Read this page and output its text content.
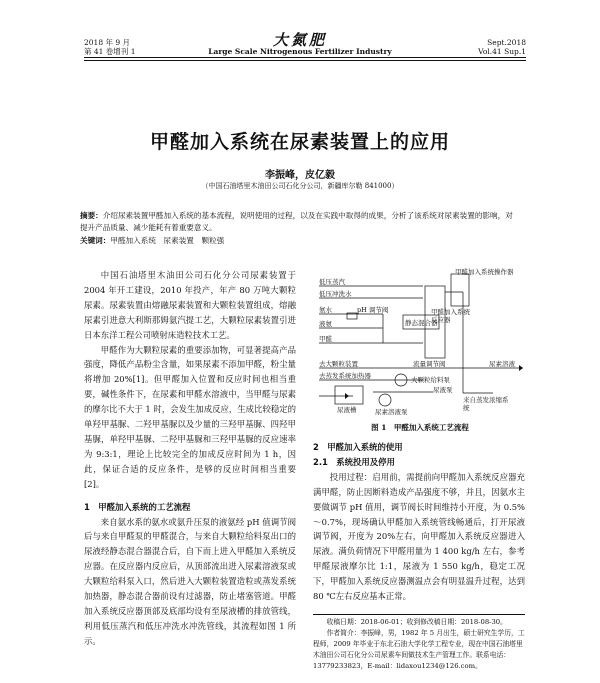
2018 年 9 月
第 41 卷增刊 1
大氮肥
Large Scale Nitrogenous Fertilizer Industry
Sept.2018
Vol.41 Sup.1
甲醛加入系统在尿素装置上的应用
李振峰，皮亿毅
（中国石油塔里木油田公司石化分公司，新疆库尔勒 841000）
摘要：介绍尿素装置甲醛加入系统的基本流程，说明使用的过程，以及在实践中取得的成果，分析了该系统对尿素装置的影响，对提升产品质量、减少能耗有着重要意义。
关键词：甲醛加入系统　尿素装置　颗粒强

中国石油塔里木油田公司石化分公司尿素装置于 2004 年开工建设，2010 年投产，年产 80 万吨大颗粒尿素。尿素装置由熔融尿素装置和大颗粒装置组成，熔融尿素引进意大利斯那姆氨汽提工艺，大颗粒尿素装置引进日本东洋工程公司喷射床造粒技术工艺。

甲醛作为大颗粒尿素的重要添加物，可显著提高产品强度，降低产品粉尘含量，如果尿素不添加甲醛，粉尘量将增加 20%[1]。但甲醛加入位置和反应时间也相当重要，碱性条件下，在尿素和甲醛水溶液中，当甲醛与尿素的摩尔比不大于 1 时，会发生加成反应，生成比较稳定的单羟甲基脲、二羟甲基脲以及少量的三羟甲基脲、四羟甲基脲，单羟甲基脲、二羟甲基脲和三羟甲基脲的反应速率为 9:3:1，理论上比较完全的加成反应时间为 1 h，因此，保证合适的反应条件，是够的反应时间相当重要[2]。

1　甲醛加入系统的工艺流程

来自氨水系的氨水或氨升压泵的液氨经 pH 值调节阀后与来自甲醛泵的甲醛混合，与来自大颗粒给料泵出口的尿液经静态混合器混合后，自下而上进入甲醛加入系统反应器。在反应器内反应后，从顶部流出进入尿素溶液泵或大颗粒给料泵入口，然后进入大颗粒装置造粒或蒸发系统加热器，静态混合器前设有过滤器，防止堵塞管道。甲醛加入系统反应器顶部及底部均设有至尿液槽的排放管线，利用低压蒸汽和低压冲洗水冲洗管线，其流程如图 1 所示。

甲醛加入系统操作器
低压蒸汽
低压冲洗水
氨水	pH 调节阀
液氨
甲醛
静态混合器
甲醛加入系统反应器
去大颗粒装置	流量调节阀	尿素溶液
去蒸发系统加热器	大颗粒给料泵
尿液槽	尿素溶液泵
来自蒸发浓缩系统
尿液泵
图 1　甲醛加入系统工艺流程
2　甲醛加入系统的使用
2.1　系统投用及停用

投用过程：启用前，需提前向甲醛加入系统反应器充满甲醛，防止因断料造成产品强度不够，并且，因氨水主要做调节 pH 值用，调节阀长时间维持小开度，为 0.5%～0.7%，现场确认甲醛加入系统管线畅通后，打开尿液调节阀，开度为 20%左右，向甲醛加入系统反应器进入尿液。满负荷情况下甲醛用量为 1 400 kg/h 左右，参考甲醛尿液摩尔比 1:1，尿液为 1 550 kg/h，稳定工况下，甲醛加入系统反应器测温点会有明显温升过程，达到 80 ℃左右反应基本正常。

收稿日期：2018-06-01；收到修改稿日期：2018-08-30。

作者简介：李振峰，男，1982 年 5 月出生，硕士研究生学历，工程师，2009 年毕业于东北石油大学化学工程专业，现在中国石油塔里木油田公司石化分公司尿素车间做技术生产管理工作。联系电话：13779233823，E-mail：lidaxou1234@126.com。
